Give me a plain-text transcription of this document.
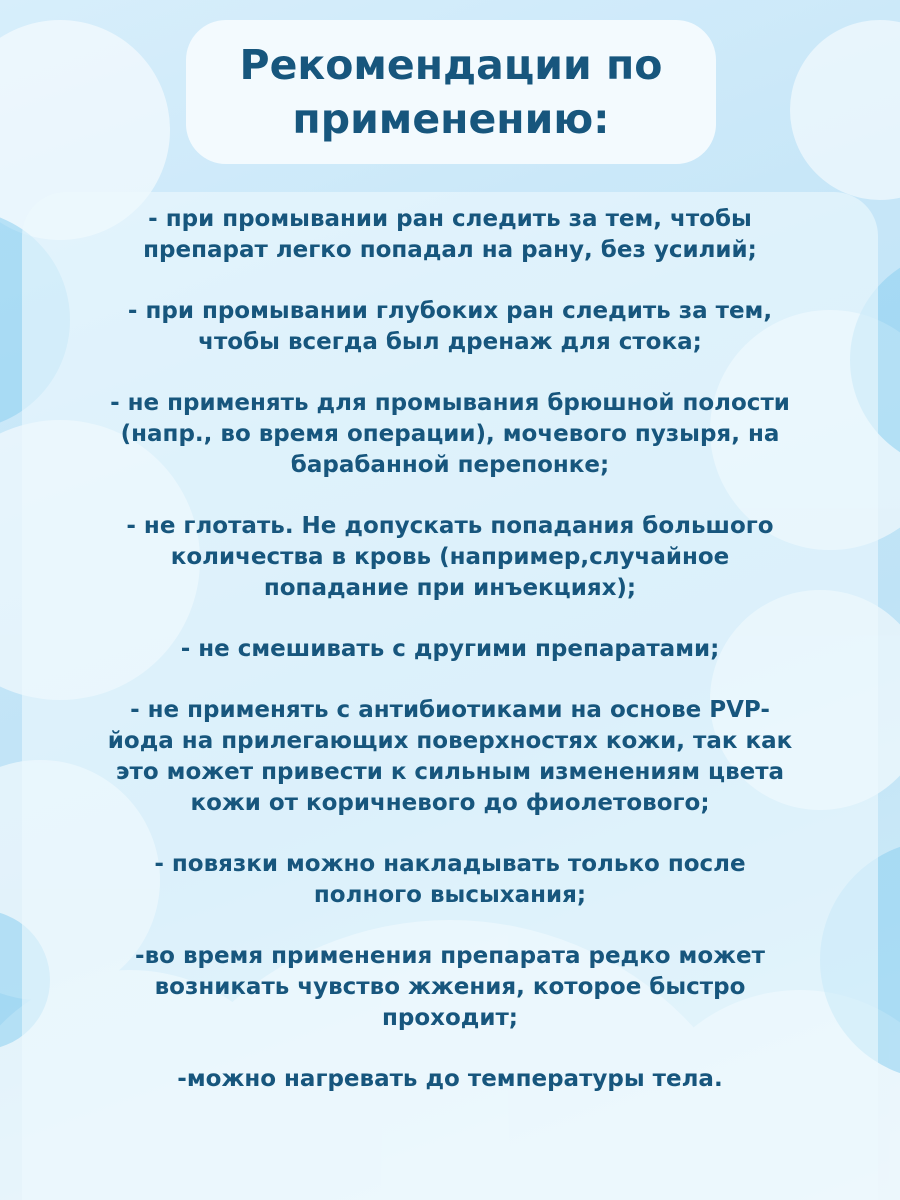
Рекомендации по
применению:
- при промывании ран следить за тем, чтобы
препарат легко попадал на рану, без усилий;
- при промывании глубоких ран следить за тем,
чтобы всегда был дренаж для стока;
- не применять для промывания брюшной полости
(напр., во время операции), мочевого пузыря, на
барабанной перепонке;
- не глотать. Не допускать попадания большого
количества в кровь (например,случайное
попадание при инъекциях);
- не смешивать с другими препаратами;
- не применять с антибиотиками на основе PVP-
йода на прилегающих поверхностях кожи, так как
это может привести к сильным изменениям цвета
кожи от коричневого до фиолетового;
- повязки можно накладывать только после
полного высыхания;
-во время применения препарата редко может
возникать чувство жжения, которое быстро
проходит;
-можно нагревать до температуры тела.
